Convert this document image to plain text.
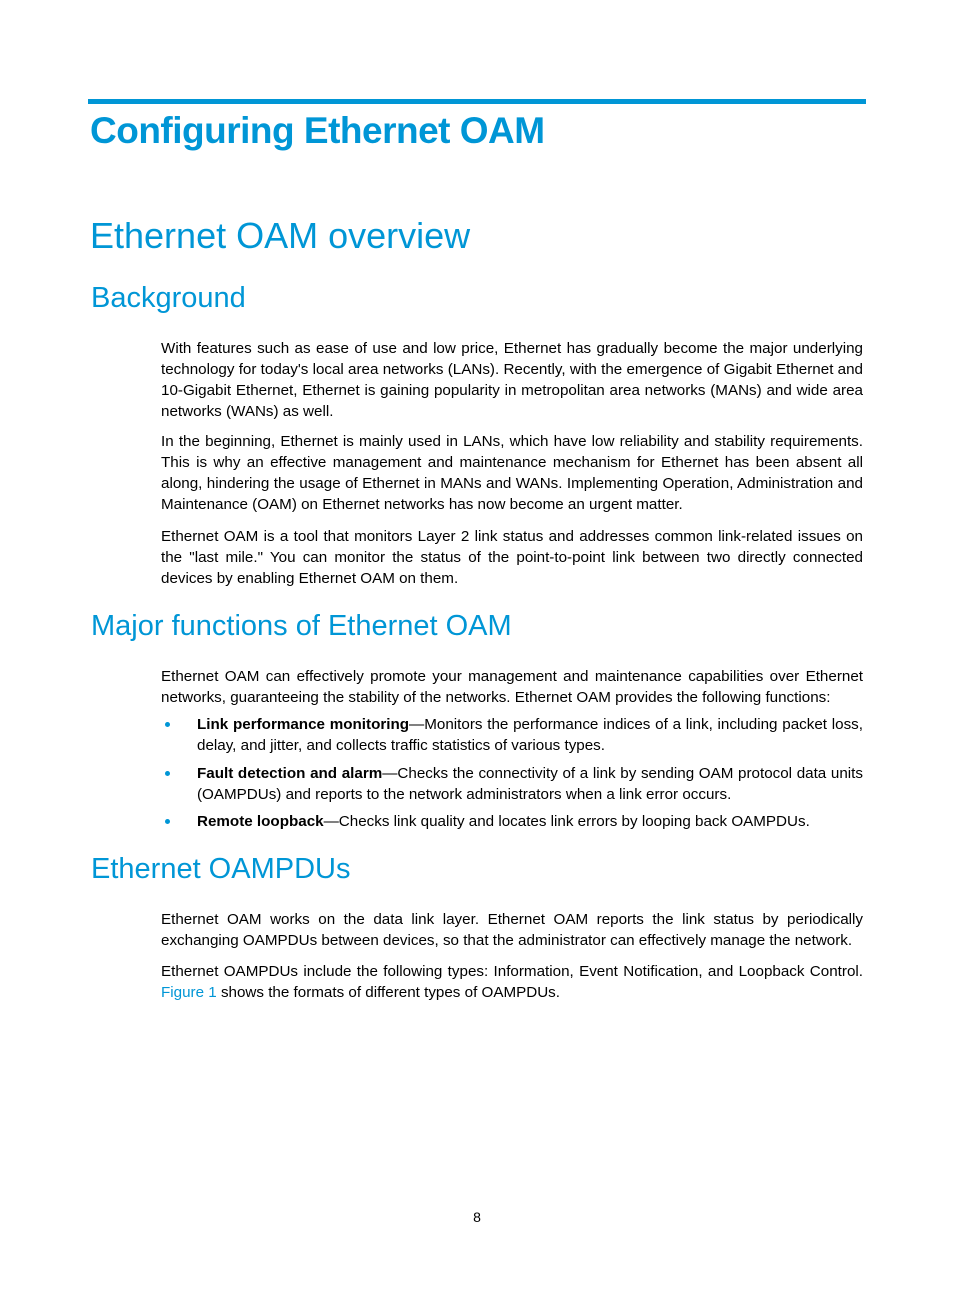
Configuring Ethernet OAM
Ethernet OAM overview
Background

With features such as ease of use and low price, Ethernet has gradually become the major underlying technology for today's local area networks (LANs). Recently, with the emergence of Gigabit Ethernet and 10-Gigabit Ethernet, Ethernet is gaining popularity in metropolitan area networks (MANs) and wide area networks (WANs) as well.

In the beginning, Ethernet is mainly used in LANs, which have low reliability and stability requirements. This is why an effective management and maintenance mechanism for Ethernet has been absent all along, hindering the usage of Ethernet in MANs and WANs. Implementing Operation, Administration and Maintenance (OAM) on Ethernet networks has now become an urgent matter.

Ethernet OAM is a tool that monitors Layer 2 link status and addresses common link-related issues on the "last mile." You can monitor the status of the point-to-point link between two directly connected devices by enabling Ethernet OAM on them.

Major functions of Ethernet OAM

Ethernet OAM can effectively promote your management and maintenance capabilities over Ethernet networks, guaranteeing the stability of the networks. Ethernet OAM provides the following functions:

Link performance monitoring—Monitors the performance indices of a link, including packet loss, delay, and jitter, and collects traffic statistics of various types.
Fault detection and alarm—Checks the connectivity of a link by sending OAM protocol data units (OAMPDUs) and reports to the network administrators when a link error occurs.
Remote loopback—Checks link quality and locates link errors by looping back OAMPDUs.
Ethernet OAMPDUs

Ethernet OAM works on the data link layer. Ethernet OAM reports the link status by periodically exchanging OAMPDUs between devices, so that the administrator can effectively manage the network.

Ethernet OAMPDUs include the following types: Information, Event Notification, and Loopback Control. Figure 1 shows the formats of different types of OAMPDUs.

8
